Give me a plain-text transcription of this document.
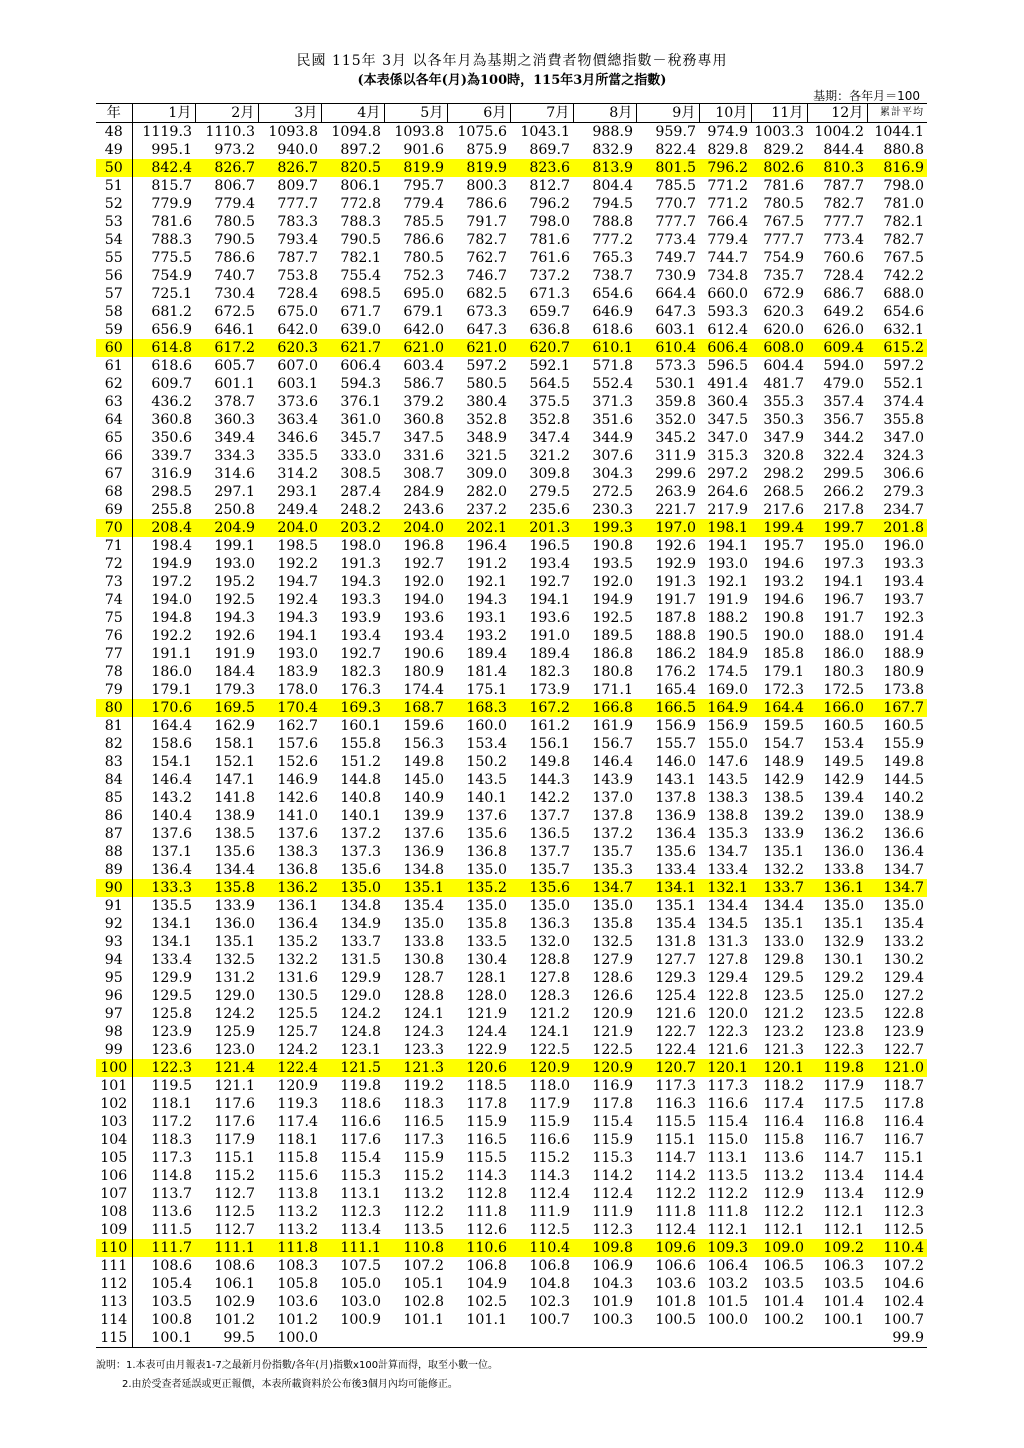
民國 115年 3月 以各年月為基期之消費者物價總指數－稅務專用
(本表係以各年(月)為100時，115年3月所當之指數)
基期：各年月＝100
年	1月	2月	3月	4月	5月	6月	7月	8月	9月	10月	11月	12月	累計平均
48	1119.3	1110.3	1093.8	1094.8	1093.8	1075.6	1043.1	988.9	959.7	974.9	1003.3	1004.2	1044.1
49	995.1	973.2	940.0	897.2	901.6	875.9	869.7	832.9	822.4	829.8	829.2	844.4	880.8
50	842.4	826.7	826.7	820.5	819.9	819.9	823.6	813.9	801.5	796.2	802.6	810.3	816.9
51	815.7	806.7	809.7	806.1	795.7	800.3	812.7	804.4	785.5	771.2	781.6	787.7	798.0
52	779.9	779.4	777.7	772.8	779.4	786.6	796.2	794.5	770.7	771.2	780.5	782.7	781.0
53	781.6	780.5	783.3	788.3	785.5	791.7	798.0	788.8	777.7	766.4	767.5	777.7	782.1
54	788.3	790.5	793.4	790.5	786.6	782.7	781.6	777.2	773.4	779.4	777.7	773.4	782.7
55	775.5	786.6	787.7	782.1	780.5	762.7	761.6	765.3	749.7	744.7	754.9	760.6	767.5
56	754.9	740.7	753.8	755.4	752.3	746.7	737.2	738.7	730.9	734.8	735.7	728.4	742.2
57	725.1	730.4	728.4	698.5	695.0	682.5	671.3	654.6	664.4	660.0	672.9	686.7	688.0
58	681.2	672.5	675.0	671.7	679.1	673.3	659.7	646.9	647.3	593.3	620.3	649.2	654.6
59	656.9	646.1	642.0	639.0	642.0	647.3	636.8	618.6	603.1	612.4	620.0	626.0	632.1
60	614.8	617.2	620.3	621.7	621.0	621.0	620.7	610.1	610.4	606.4	608.0	609.4	615.2
61	618.6	605.7	607.0	606.4	603.4	597.2	592.1	571.8	573.3	596.5	604.4	594.0	597.2
62	609.7	601.1	603.1	594.3	586.7	580.5	564.5	552.4	530.1	491.4	481.7	479.0	552.1
63	436.2	378.7	373.6	376.1	379.2	380.4	375.5	371.3	359.8	360.4	355.3	357.4	374.4
64	360.8	360.3	363.4	361.0	360.8	352.8	352.8	351.6	352.0	347.5	350.3	356.7	355.8
65	350.6	349.4	346.6	345.7	347.5	348.9	347.4	344.9	345.2	347.0	347.9	344.2	347.0
66	339.7	334.3	335.5	333.0	331.6	321.5	321.2	307.6	311.9	315.3	320.8	322.4	324.3
67	316.9	314.6	314.2	308.5	308.7	309.0	309.8	304.3	299.6	297.2	298.2	299.5	306.6
68	298.5	297.1	293.1	287.4	284.9	282.0	279.5	272.5	263.9	264.6	268.5	266.2	279.3
69	255.8	250.8	249.4	248.2	243.6	237.2	235.6	230.3	221.7	217.9	217.6	217.8	234.7
70	208.4	204.9	204.0	203.2	204.0	202.1	201.3	199.3	197.0	198.1	199.4	199.7	201.8
71	198.4	199.1	198.5	198.0	196.8	196.4	196.5	190.8	192.6	194.1	195.7	195.0	196.0
72	194.9	193.0	192.2	191.3	192.7	191.2	193.4	193.5	192.9	193.0	194.6	197.3	193.3
73	197.2	195.2	194.7	194.3	192.0	192.1	192.7	192.0	191.3	192.1	193.2	194.1	193.4
74	194.0	192.5	192.4	193.3	194.0	194.3	194.1	194.9	191.7	191.9	194.6	196.7	193.7
75	194.8	194.3	194.3	193.9	193.6	193.1	193.6	192.5	187.8	188.2	190.8	191.7	192.3
76	192.2	192.6	194.1	193.4	193.4	193.2	191.0	189.5	188.8	190.5	190.0	188.0	191.4
77	191.1	191.9	193.0	192.7	190.6	189.4	189.4	186.8	186.2	184.9	185.8	186.0	188.9
78	186.0	184.4	183.9	182.3	180.9	181.4	182.3	180.8	176.2	174.5	179.1	180.3	180.9
79	179.1	179.3	178.0	176.3	174.4	175.1	173.9	171.1	165.4	169.0	172.3	172.5	173.8
80	170.6	169.5	170.4	169.3	168.7	168.3	167.2	166.8	166.5	164.9	164.4	166.0	167.7
81	164.4	162.9	162.7	160.1	159.6	160.0	161.2	161.9	156.9	156.9	159.5	160.5	160.5
82	158.6	158.1	157.6	155.8	156.3	153.4	156.1	156.7	155.7	155.0	154.7	153.4	155.9
83	154.1	152.1	152.6	151.2	149.8	150.2	149.8	146.4	146.0	147.6	148.9	149.5	149.8
84	146.4	147.1	146.9	144.8	145.0	143.5	144.3	143.9	143.1	143.5	142.9	142.9	144.5
85	143.2	141.8	142.6	140.8	140.9	140.1	142.2	137.0	137.8	138.3	138.5	139.4	140.2
86	140.4	138.9	141.0	140.1	139.9	137.6	137.7	137.8	136.9	138.8	139.2	139.0	138.9
87	137.6	138.5	137.6	137.2	137.6	135.6	136.5	137.2	136.4	135.3	133.9	136.2	136.6
88	137.1	135.6	138.3	137.3	136.9	136.8	137.7	135.7	135.6	134.7	135.1	136.0	136.4
89	136.4	134.4	136.8	135.6	134.8	135.0	135.7	135.3	133.4	133.4	132.2	133.8	134.7
90	133.3	135.8	136.2	135.0	135.1	135.2	135.6	134.7	134.1	132.1	133.7	136.1	134.7
91	135.5	133.9	136.1	134.8	135.4	135.0	135.0	135.0	135.1	134.4	134.4	135.0	135.0
92	134.1	136.0	136.4	134.9	135.0	135.8	136.3	135.8	135.4	134.5	135.1	135.1	135.4
93	134.1	135.1	135.2	133.7	133.8	133.5	132.0	132.5	131.8	131.3	133.0	132.9	133.2
94	133.4	132.5	132.2	131.5	130.8	130.4	128.8	127.9	127.7	127.8	129.8	130.1	130.2
95	129.9	131.2	131.6	129.9	128.7	128.1	127.8	128.6	129.3	129.4	129.5	129.2	129.4
96	129.5	129.0	130.5	129.0	128.8	128.0	128.3	126.6	125.4	122.8	123.5	125.0	127.2
97	125.8	124.2	125.5	124.2	124.1	121.9	121.2	120.9	121.6	120.0	121.2	123.5	122.8
98	123.9	125.9	125.7	124.8	124.3	124.4	124.1	121.9	122.7	122.3	123.2	123.8	123.9
99	123.6	123.0	124.2	123.1	123.3	122.9	122.5	122.5	122.4	121.6	121.3	122.3	122.7
100	122.3	121.4	122.4	121.5	121.3	120.6	120.9	120.9	120.7	120.1	120.1	119.8	121.0
101	119.5	121.1	120.9	119.8	119.2	118.5	118.0	116.9	117.3	117.3	118.2	117.9	118.7
102	118.1	117.6	119.3	118.6	118.3	117.8	117.9	117.8	116.3	116.6	117.4	117.5	117.8
103	117.2	117.6	117.4	116.6	116.5	115.9	115.9	115.4	115.5	115.4	116.4	116.8	116.4
104	118.3	117.9	118.1	117.6	117.3	116.5	116.6	115.9	115.1	115.0	115.8	116.7	116.7
105	117.3	115.1	115.8	115.4	115.9	115.5	115.2	115.3	114.7	113.1	113.6	114.7	115.1
106	114.8	115.2	115.6	115.3	115.2	114.3	114.3	114.2	114.2	113.5	113.2	113.4	114.4
107	113.7	112.7	113.8	113.1	113.2	112.8	112.4	112.4	112.2	112.2	112.9	113.4	112.9
108	113.6	112.5	113.2	112.3	112.2	111.8	111.9	111.9	111.8	111.8	112.2	112.1	112.3
109	111.5	112.7	113.2	113.4	113.5	112.6	112.5	112.3	112.4	112.1	112.1	112.1	112.5
110	111.7	111.1	111.8	111.1	110.8	110.6	110.4	109.8	109.6	109.3	109.0	109.2	110.4
111	108.6	108.6	108.3	107.5	107.2	106.8	106.8	106.9	106.6	106.4	106.5	106.3	107.2
112	105.4	106.1	105.8	105.0	105.1	104.9	104.8	104.3	103.6	103.2	103.5	103.5	104.6
113	103.5	102.9	103.6	103.0	102.8	102.5	102.3	101.9	101.8	101.5	101.4	101.4	102.4
114	100.8	101.2	101.2	100.9	101.1	101.1	100.7	100.3	100.5	100.0	100.2	100.1	100.7
115	100.1	99.5	100.0										99.9
說明：1.本表可由月報表1-7之最新月份指數/各年(月)指數x100計算而得，取至小數一位。
2.由於受查者延誤或更正報價，本表所載資料於公布後3個月內均可能修正。
